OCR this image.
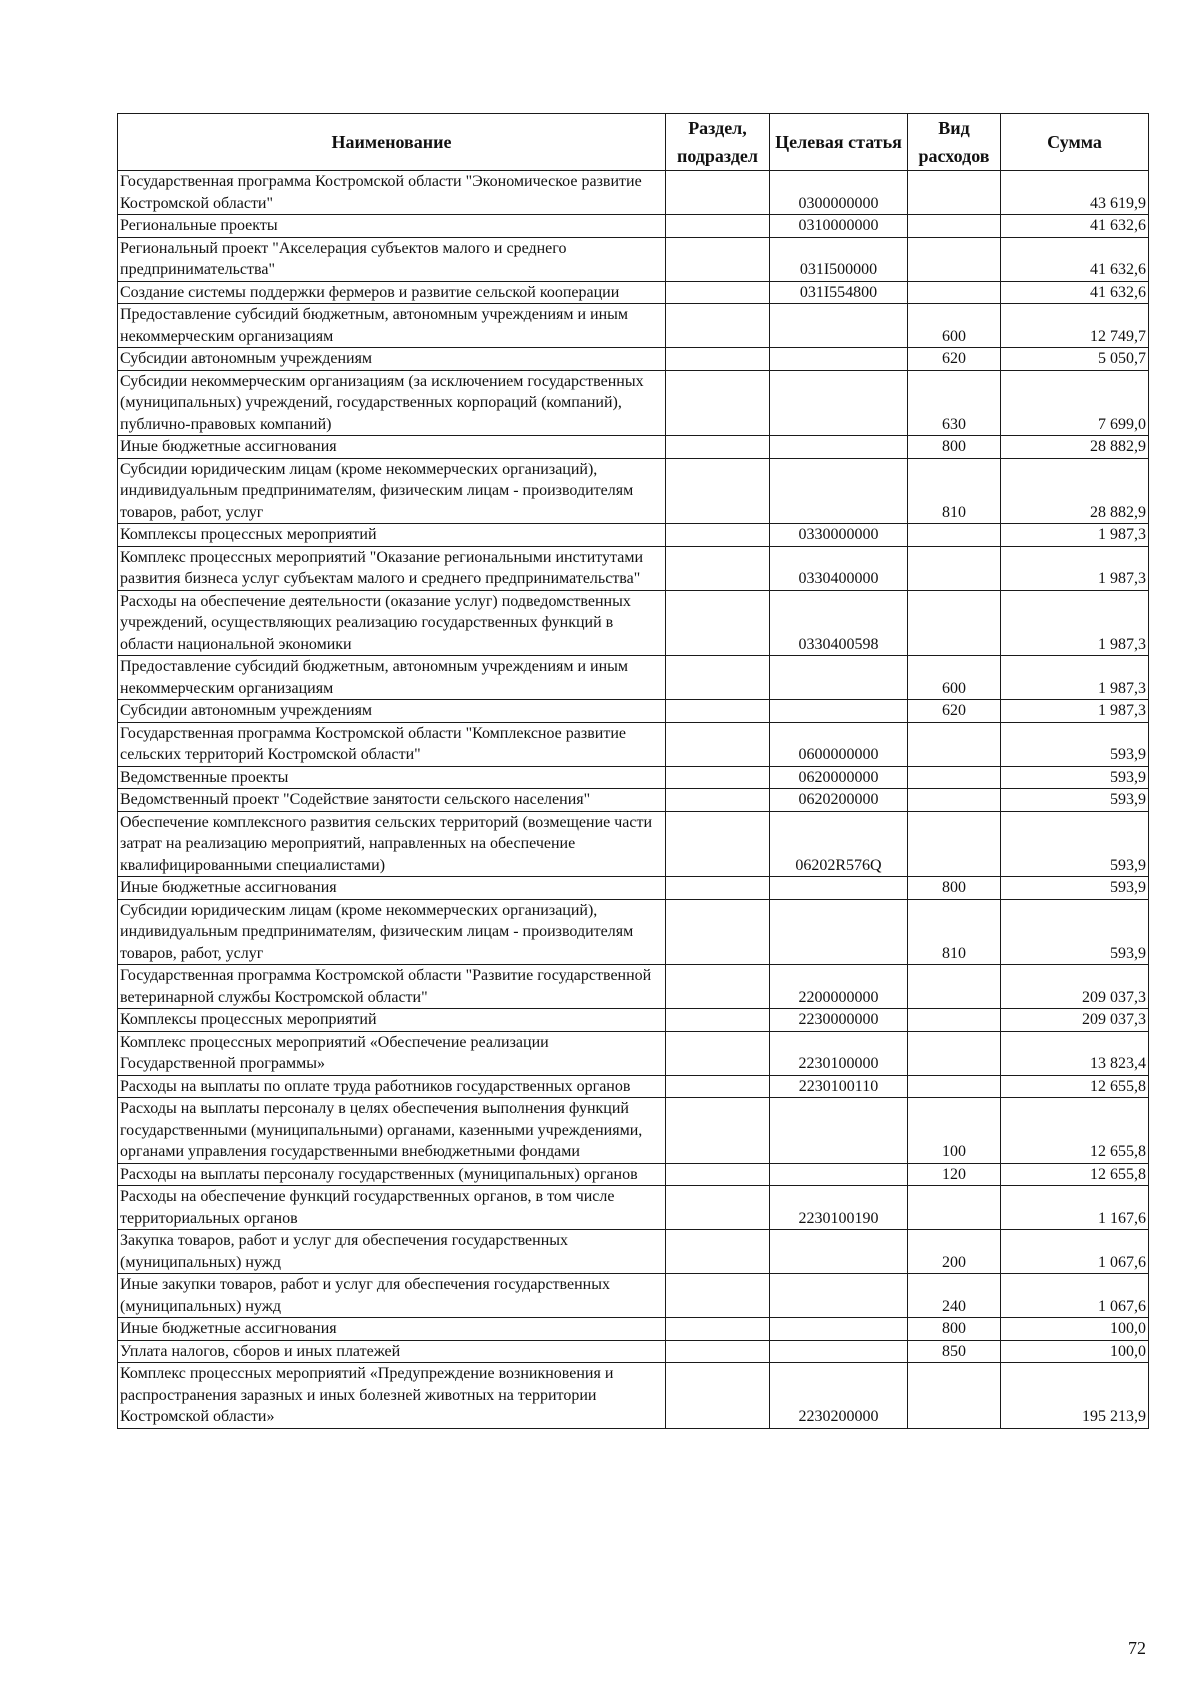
Наименование	Раздел, подраздел	Целевая статья	Вид расходов	Сумма
Государственная программа Костромской области "Экономическое развитие Костромской области"		0300000000		43 619,9
Региональные проекты		0310000000		41 632,6
Региональный проект "Акселерация субъектов малого и среднего предпринимательства"		031I500000		41 632,6
Создание системы поддержки фермеров и развитие сельской кооперации		031I554800		41 632,6
Предоставление субсидий бюджетным, автономным учреждениям и иным некоммерческим организациям			600	12 749,7
Субсидии автономным учреждениям			620	5 050,7
Субсидии некоммерческим организациям (за исключением государственных (муниципальных) учреждений, государственных корпораций (компаний), публично-правовых компаний)			630	7 699,0
Иные бюджетные ассигнования			800	28 882,9
Субсидии юридическим лицам (кроме некоммерческих организаций), индивидуальным предпринимателям, физическим лицам - производителям товаров, работ, услуг			810	28 882,9
Комплексы процессных мероприятий		0330000000		1 987,3
Комплекс процессных мероприятий "Оказание региональными институтами развития бизнеса услуг субъектам малого и среднего предпринимательства"		0330400000		1 987,3
Расходы на обеспечение деятельности (оказание услуг) подведомственных учреждений, осуществляющих реализацию государственных функций в области национальной экономики		0330400598		1 987,3
Предоставление субсидий бюджетным, автономным учреждениям и иным некоммерческим организациям			600	1 987,3
Субсидии автономным учреждениям			620	1 987,3
Государственная программа Костромской области "Комплексное развитие сельских территорий Костромской области"		0600000000		593,9
Ведомственные проекты		0620000000		593,9
Ведомственный проект "Содействие занятости сельского населения"		0620200000		593,9
Обеспечение комплексного развития сельских территорий (возмещение части затрат на реализацию мероприятий, направленных на обеспечение квалифицированными специалистами)		06202R576Q		593,9
Иные бюджетные ассигнования			800	593,9
Субсидии юридическим лицам (кроме некоммерческих организаций), индивидуальным предпринимателям, физическим лицам - производителям товаров, работ, услуг			810	593,9
Государственная программа Костромской области "Развитие государственной ветеринарной службы Костромской области"		2200000000		209 037,3
Комплексы процессных мероприятий		2230000000		209 037,3
Комплекс процессных мероприятий «Обеспечение реализации Государственной программы»		2230100000		13 823,4
Расходы на выплаты по оплате труда работников государственных органов		2230100110		12 655,8
Расходы на выплаты персоналу в целях обеспечения выполнения функций государственными (муниципальными) органами, казенными учреждениями, органами управления государственными внебюджетными фондами			100	12 655,8
Расходы на выплаты персоналу государственных (муниципальных) органов			120	12 655,8
Расходы на обеспечение функций государственных органов, в том числе территориальных органов		2230100190		1 167,6
Закупка товаров, работ и услуг для обеспечения государственных (муниципальных) нужд			200	1 067,6
Иные закупки товаров, работ и услуг для обеспечения государственных (муниципальных) нужд			240	1 067,6
Иные бюджетные ассигнования			800	100,0
Уплата налогов, сборов и иных платежей			850	100,0
Комплекс процессных мероприятий «Предупреждение возникновения и распространения заразных и иных болезней животных на территории Костромской области»		2230200000		195 213,9
72
